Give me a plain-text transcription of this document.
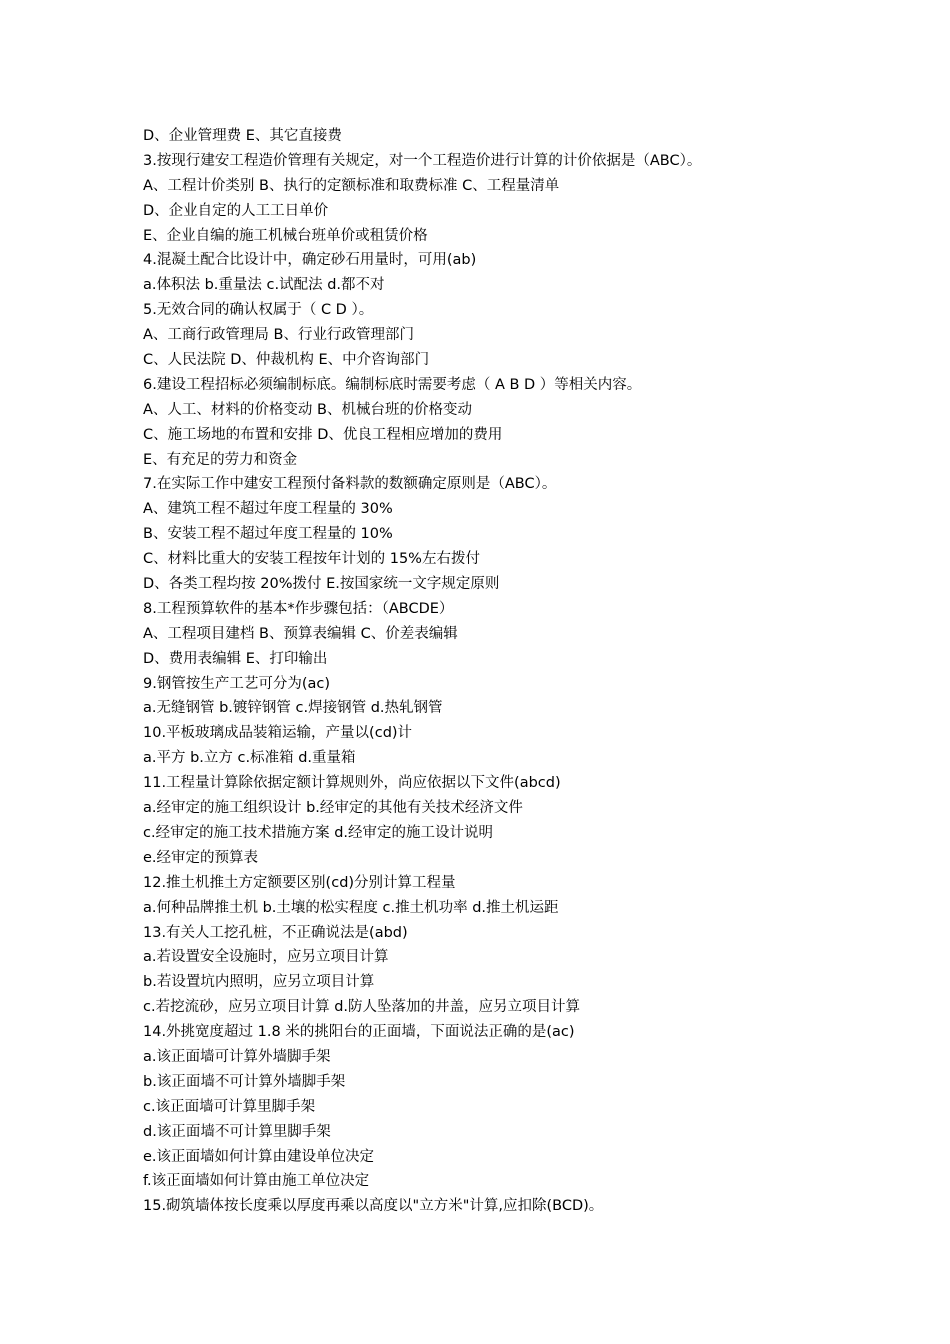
D、企业管理费 E、其它直接费
3.按现行建安工程造价管理有关规定，对一个工程造价进行计算的计价依据是（ABC）。
A、工程计价类别 B、执行的定额标准和取费标准 C、工程量清单
D、企业自定的人工工日单价
E、企业自编的施工机械台班单价或租赁价格
4.混凝土配合比设计中，确定砂石用量时，可用(ab)
a.体积法 b.重量法 c.试配法 d.都不对
5.无效合同的确认权属于（ C D ）。
A、工商行政管理局 B、行业行政管理部门
C、人民法院 D、仲裁机构 E、中介咨询部门
6.建设工程招标必须编制标底。编制标底时需要考虑（ A B D ）等相关内容。
A、人工、材料的价格变动 B、机械台班的价格变动
C、施工场地的布置和安排 D、优良工程相应增加的费用
E、有充足的劳力和资金
7.在实际工作中建安工程预付备料款的数额确定原则是（ABC）。
A、建筑工程不超过年度工程量的 30%
B、安装工程不超过年度工程量的 10%
C、材料比重大的安装工程按年计划的 15%左右拨付
D、各类工程均按 20%拨付 E.按国家统一文字规定原则
8.工程预算软件的基本*作步骤包括：（ABCDE）
A、工程项目建档 B、预算表编辑 C、价差表编辑
D、费用表编辑 E、打印输出
9.钢管按生产工艺可分为(ac)
a.无缝钢管 b.镀锌钢管 c.焊接钢管 d.热轧钢管
10.平板玻璃成品装箱运输，产量以(cd)计
a.平方 b.立方 c.标准箱 d.重量箱
11.工程量计算除依据定额计算规则外，尚应依据以下文件(abcd)
a.经审定的施工组织设计 b.经审定的其他有关技术经济文件
c.经审定的施工技术措施方案 d.经审定的施工设计说明
e.经审定的预算表
12.推土机推土方定额要区别(cd)分别计算工程量
a.何种品牌推土机 b.土壤的松实程度 c.推土机功率 d.推土机运距
13.有关人工挖孔桩，不正确说法是(abd)
a.若设置安全设施时，应另立项目计算
b.若设置坑内照明，应另立项目计算
c.若挖流砂，应另立项目计算 d.防人坠落加的井盖，应另立项目计算
14.外挑宽度超过 1.8 米的挑阳台的正面墙，下面说法正确的是(ac)
a.该正面墙可计算外墙脚手架
b.该正面墙不可计算外墙脚手架
c.该正面墙可计算里脚手架
d.该正面墙不可计算里脚手架
e.该正面墙如何计算由建设单位决定
f.该正面墙如何计算由施工单位决定
15.砌筑墙体按长度乘以厚度再乘以高度以"立方米"计算,应扣除(BCD)。
